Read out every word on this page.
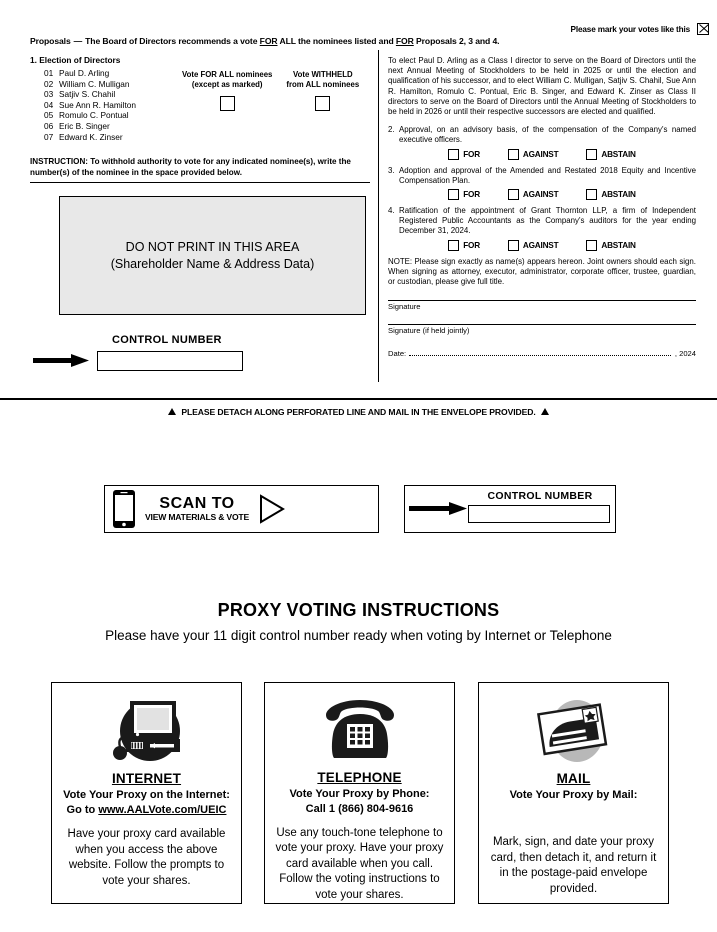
Please mark your votes like this
Proposals — The Board of Directors recommends a vote FOR ALL the nominees listed and FOR Proposals 2, 3 and 4.
1. Election of Directors
01 Paul D. Arling
02 William C. Mulligan
03 Satjiv S. Chahil
04 Sue Ann R. Hamilton
05 Romulo C. Pontual
06 Eric B. Singer
07 Edward K. Zinser
Vote FOR ALL nominees
(except as marked)
Vote WITHHELD
from ALL nominees
INSTRUCTION: To withhold authority to vote for any indicated nominee(s), write the number(s) of the nominee in the space provided below.
DO NOT PRINT IN THIS AREA
(Shareholder Name & Address Data)
CONTROL NUMBER
To elect Paul D. Arling as a Class I director to serve on the Board of Directors until the next Annual Meeting of Stockholders to be held in 2025 or until the election and qualification of his successor, and to elect William C. Mulligan, Satjiv S. Chahil, Sue Ann R. Hamilton, Romulo C. Pontual, Eric B. Singer, and Edward K. Zinser as Class II directors to serve on the Board of Directors until the Annual Meeting of Stockholders to be held in 2026 or until their respective successors are elected and qualified.
2. Approval, on an advisory basis, of the compensation of the Company's named executive officers.
FOR	AGAINST	ABSTAIN
3. Adoption and approval of the Amended and Restated 2018 Equity and Incentive Compensation Plan.
FOR	AGAINST	ABSTAIN
4. Ratification of the appointment of Grant Thornton LLP, a firm of Independent Registered Public Accountants as the Company's auditors for the year ending December 31, 2024.
FOR	AGAINST	ABSTAIN
NOTE: Please sign exactly as name(s) appears hereon. Joint owners should each sign. When signing as attorney, executor, administrator, corporate officer, trustee, guardian, or custodian, please give full title.
Signature
Signature (if held jointly)
Date:	, 2024
PLEASE DETACH ALONG PERFORATED LINE AND MAIL IN THE ENVELOPE PROVIDED.
SCAN TO
VIEW MATERIALS & VOTE
CONTROL NUMBER
PROXY VOTING INSTRUCTIONS
Please have your 11 digit control number ready when voting by Internet or Telephone
INTERNET
Vote Your Proxy on the Internet:
Go to www.AALVote.com/UEIC
Have your proxy card available when you access the above website. Follow the prompts to vote your shares.
TELEPHONE
Vote Your Proxy by Phone:
Call 1 (866) 804-9616
Use any touch-tone telephone to vote your proxy. Have your proxy card available when you call. Follow the voting instructions to vote your shares.
MAIL
Vote Your Proxy by Mail:
Mark, sign, and date your proxy card, then detach it, and return it in the postage-paid envelope provided.
